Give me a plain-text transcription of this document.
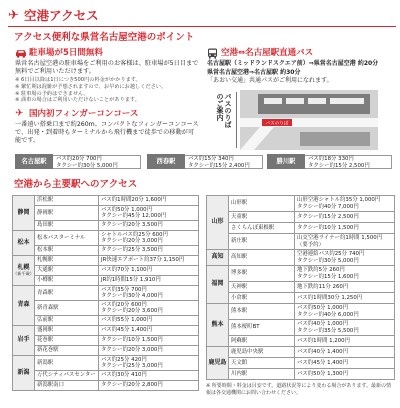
✈ 空港アクセス
アクセス便利な県営名古屋空港のポイント
駐車場が5日間無料
県営名古屋空港の駐車場をご利用のお客様は、駐車場が5日目まで無料でご利用いただけます。
※ 6日目以降は1日につき500円の料金がかかります。
※ 繁忙期は混雑が予想されますので、お早めにお越しください。
※ 駐車場の予約はできません。
※ 満車の場合はご利用いただけないことがあります。
✈ 国内初フィンガーコンコース
一番遠い搭乗口まで約260m。コンパクトなフィンガーコンコースで、出発・到着時もターミナルから飛行機まで徒歩での移動が可能です。
空港⇔名古屋駅直通バス
名古屋駅（ミッドランドスクエア前）⇒県営名古屋空港 約20分
県営名古屋空港⇒名古屋駅 約30分
「あおい交通」共通パスがご利用になれます。
バスのりばのご案内
バスのりば
名古屋駅	バス約20分 700円
タクシー約30分 5,000円
西春駅	バス約15分 340円
タクシー約15分 2,400円
勝川駅	バス約18分 330円
タクシー約15分 2,500円
空港から主要駅へのアクセス
静岡	浜松駅	バス約1時間20分 1,600円

	静岡駅	バス約50分 1,000円
タクシー約45分 12,000円

	島田駅	タクシー約20分 3,500円

松本	松本バスターミナル	シャトルバス約25分 600円
タクシー約20分 3,000円

	松本駅	タクシー約25分 3,500円

札幌
（新千歳）	札幌駅	JR快速エアポート約37分 1,150円

	大通駅	バス約70分 1,100円

	小樽駅	JR約1時間15分 1,910円

青森	青森駅	バス約35分 700円
タクシー約30分 4,000円

	新青森駅	バス約20分 600円
タクシー約20分 3,600円

	弘前駅	バス約55分 1,000円

岩手	盛岡駅	バス約45分 1,400円

	花巻駅	タクシー約10分 1,500円

	新花巻駅	タクシー約20分 3,000円

新潟	新潟駅	バス約25分 420円
タクシー約25分 3,000円

	万代シティバスセンター	バス約30分 410円

	新潟駅南口	タクシー約20分 2,800円
山形	山形駅	山形空港シャトル約35分 1,000円
タクシー約40分 7,000円

	天童駅	タクシー約15分 2,500円

	さくらんぼ東根駅	タクシー約10分 1,500円

	新庄駅	山交空港ライナー約1時間 1,500円
（要予約）

高知	高知駅	空港連絡バス約25分 740円
タクシー約30分 5,000円

福岡	博多駅	地下鉄約5分 260円
タクシー約15分 1,600円

	天神駅	地下鉄約11分 260円

	小倉駅	バス約1時間30分 1,250円

熊本	熊本駅	バス約50分 1,000円
タクシー約40分 6,000円

	熊本桜町BT	バス約40分 1,000円
タクシー約35分 5,500円

	阿蘇駅	バス約1時間 1,200円

鹿児島	鹿児島中央駅	バス約40分 1,400円

	天文館	バス約45分 1,400円

	川内駅	バス約50分 1,300円
※ 所要時間・料金は目安です。道路状況等により変わる場合があります。最新の情報は各交通機関にお問い合わせください。
